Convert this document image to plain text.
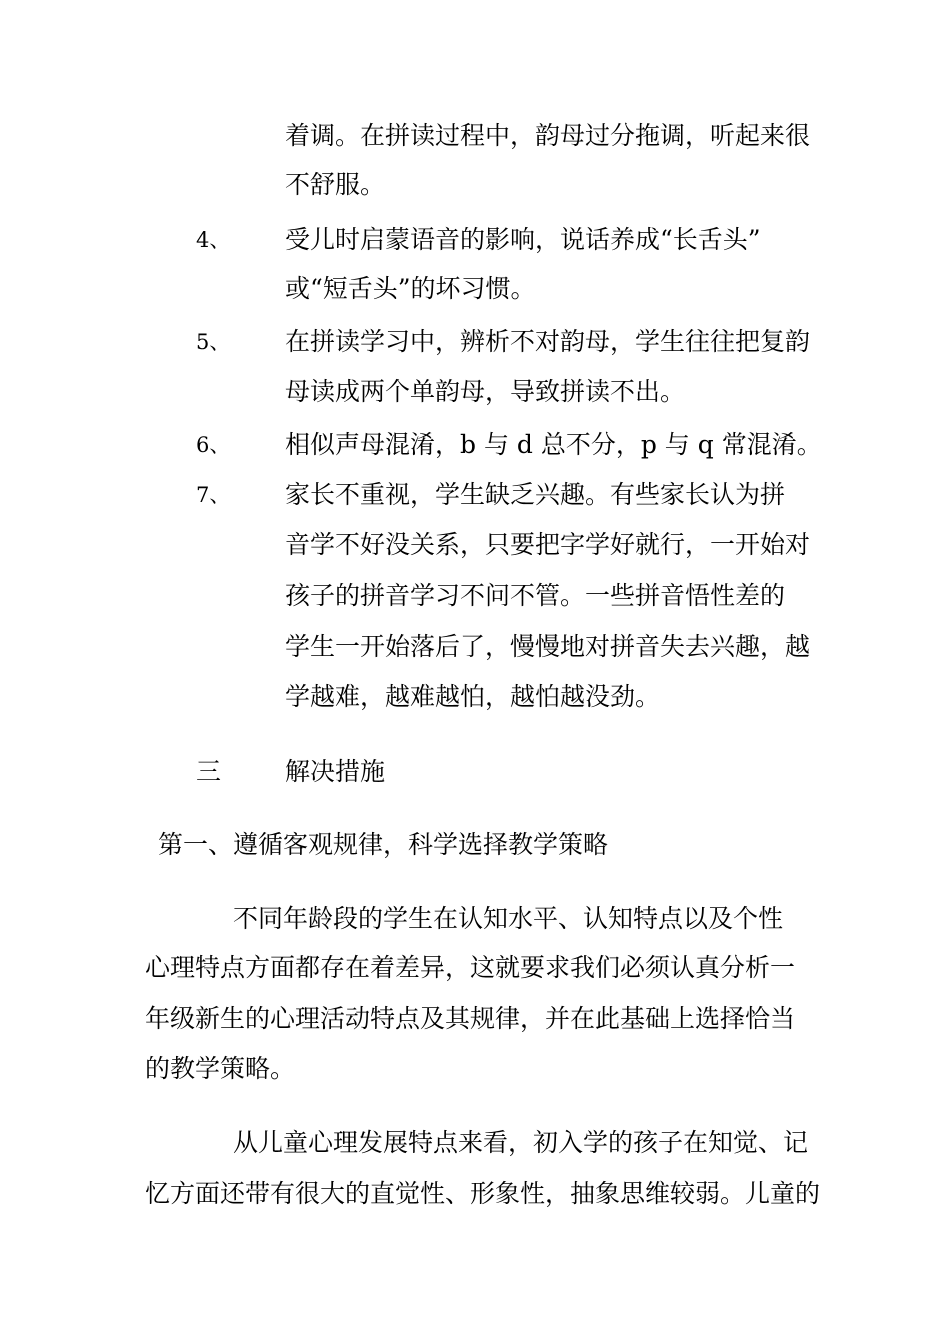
着调。在拼读过程中，韵母过分拖调，听起来很
不舒服。
4、 受儿时启蒙语音的影响，说话养成“长舌头”
或“短舌头”的坏习惯。
5、 在拼读学习中，辨析不对韵母，学生往往把复韵
母读成两个单韵母，导致拼读不出。
6、 相似声母混淆，b 与 d 总不分，p 与 q 常混淆。
7、 家长不重视，学生缺乏兴趣。有些家长认为拼
音学不好没关系，只要把字学好就行，一开始对
孩子的拼音学习不问不管。一些拼音悟性差的
学生一开始落后了，慢慢地对拼音失去兴趣，越
学越难，越难越怕，越怕越没劲。
三	解决措施
第一、遵循客观规律，科学选择教学策略
不同年龄段的学生在认知水平、认知特点以及个性
心理特点方面都存在着差异，这就要求我们必须认真分析一
年级新生的心理活动特点及其规律，并在此基础上选择恰当
的教学策略。
从儿童心理发展特点来看，初入学的孩子在知觉、记
忆方面还带有很大的直觉性、形象性，抽象思维较弱。儿童的
